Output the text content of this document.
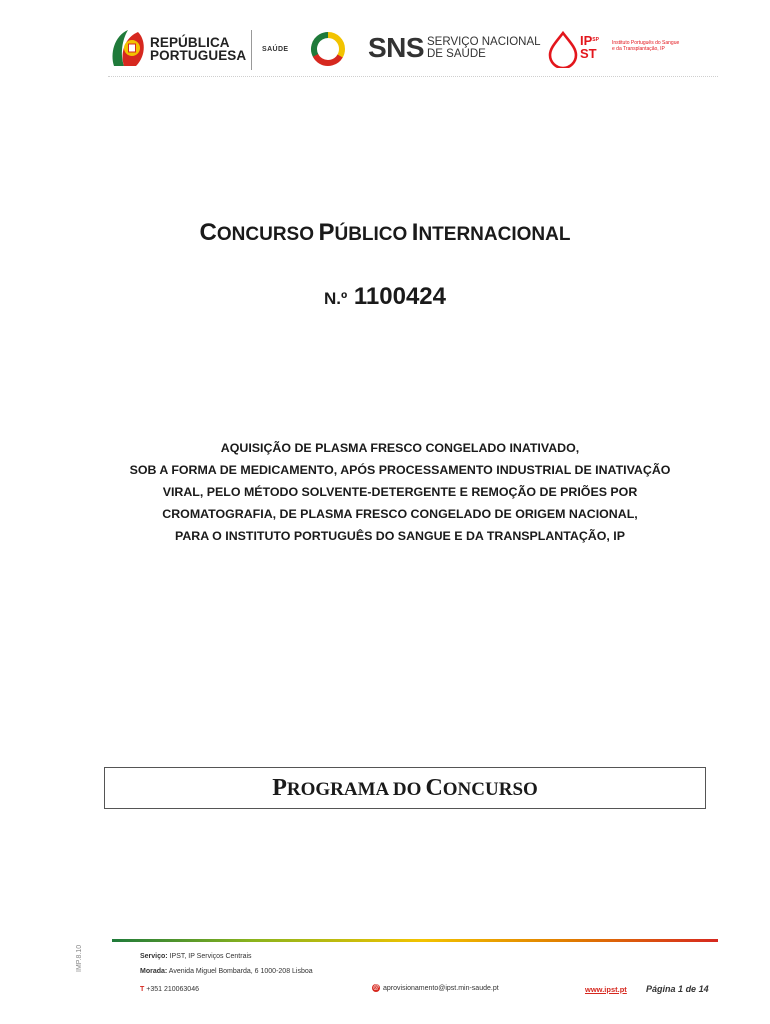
REPÚBLICA
PORTUGUESA SAÚDE	SNS SERVIÇO NACIONAL
DE SAÚDE
$IP^{SP}$
ST
Instituto Português do Sangue
e da Transplantação, IP
CONCURSO PÚBLICO INTERNACIONAL
N.º 1100424
AQUISIÇÃO DE PLASMA FRESCO CONGELADO INATIVADO,
SOB A FORMA DE MEDICAMENTO, APÓS PROCESSAMENTO INDUSTRIAL DE INATIVAÇÃO
VIRAL, PELO MÉTODO SOLVENTE-DETERGENTE E REMOÇÃO DE PRIÕES POR
CROMATOGRAFIA, DE PLASMA FRESCO CONGELADO DE ORIGEM NACIONAL,
PARA O INSTITUTO PORTUGUÊS DO SANGUE E DA TRANSPLANTAÇÃO, IP
PROGRAMA DO CONCURSO
IMP.8.10	Serviço: IPST, IP Serviços Centrais
Morada: Avenida Miguel Bombarda, 6 1000-208 Lisboa
T +351 210063046	@ aprovisionamento@ipst.min-saude.pt	www.ipst.pt Página 1 de 14
